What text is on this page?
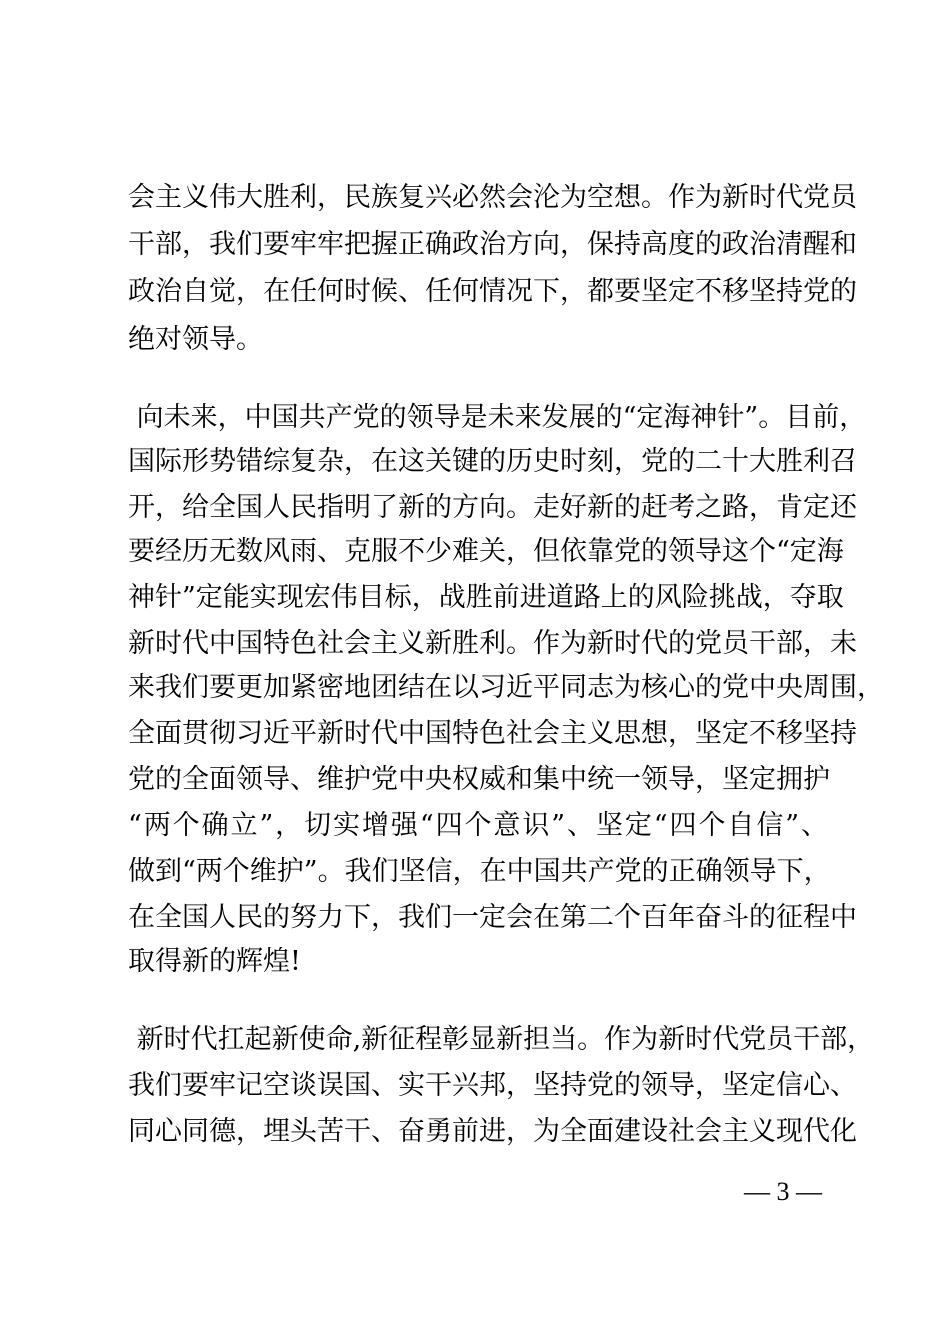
会主义伟大胜利，民族复兴必然会沦为空想。作为新时代党员
干部，我们要牢牢把握正确政治方向，保持高度的政治清醒和
政治自觉，在任何时候、任何情况下，都要坚定不移坚持党的
绝对领导。
向未来，中国共产党的领导是未来发展的“定海神针”。目前，
国际形势错综复杂，在这关键的历史时刻，党的二十大胜利召
开，给全国人民指明了新的方向。走好新的赶考之路，肯定还
要经历无数风雨、克服不少难关，但依靠党的领导这个“定海
神针”定能实现宏伟目标，战胜前进道路上的风险挑战，夺取
新时代中国特色社会主义新胜利。作为新时代的党员干部，未
来我们要更加紧密地团结在以习近平同志为核心的党中央周围，
全面贯彻习近平新时代中国特色社会主义思想，坚定不移坚持
党的全面领导、维护党中央权威和集中统一领导，坚定拥护
“两个确立”，切实增强“四个意识”、坚定“四个自信”、
做到“两个维护”。我们坚信，在中国共产党的正确领导下，
在全国人民的努力下，我们一定会在第二个百年奋斗的征程中
取得新的辉煌!
新时代扛起新使命,新征程彰显新担当。作为新时代党员干部，
我们要牢记空谈误国、实干兴邦，坚持党的领导，坚定信心、
同心同德，埋头苦干、奋勇前进，为全面建设社会主义现代化
— 3 —
